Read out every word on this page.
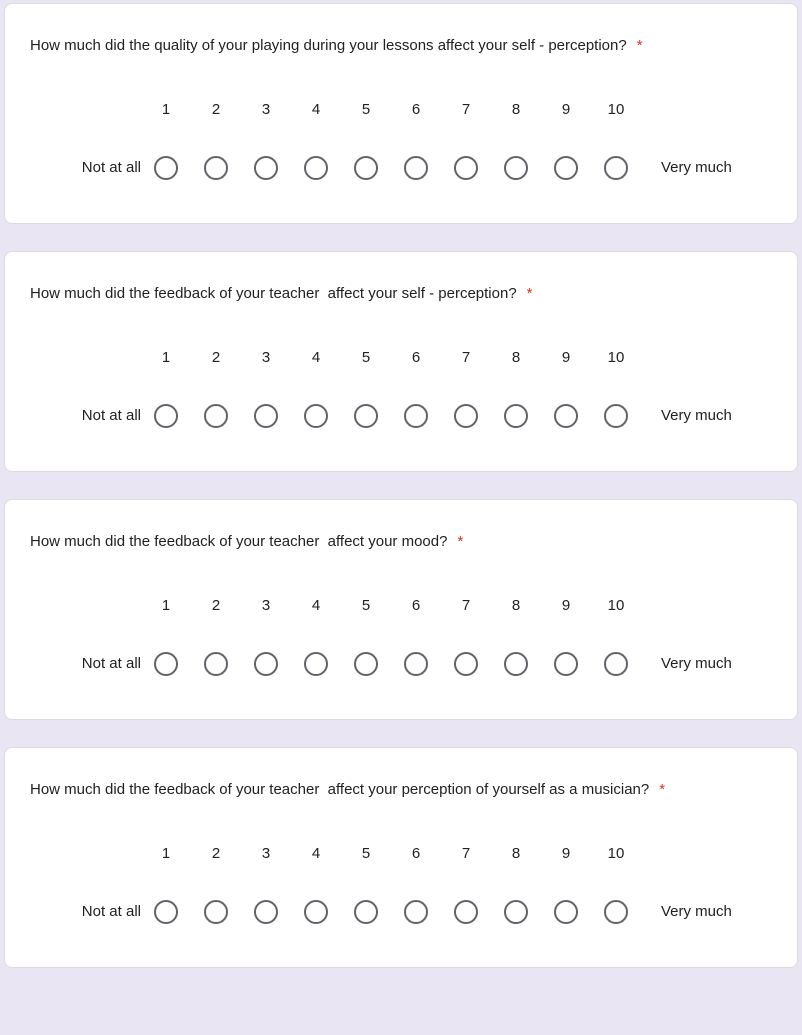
How much did the quality of your playing during your lessons affect your self - perception? *
1	2	3	4	5	6	7	8	9	10
Not at all	Very much
How much did the feedback of your teacher  affect your self - perception? *
1	2	3	4	5	6	7	8	9	10
Not at all	Very much
How much did the feedback of your teacher  affect your mood? *
1	2	3	4	5	6	7	8	9	10
Not at all	Very much
How much did the feedback of your teacher  affect your perception of yourself as a musician? *
1	2	3	4	5	6	7	8	9	10
Not at all	Very much
